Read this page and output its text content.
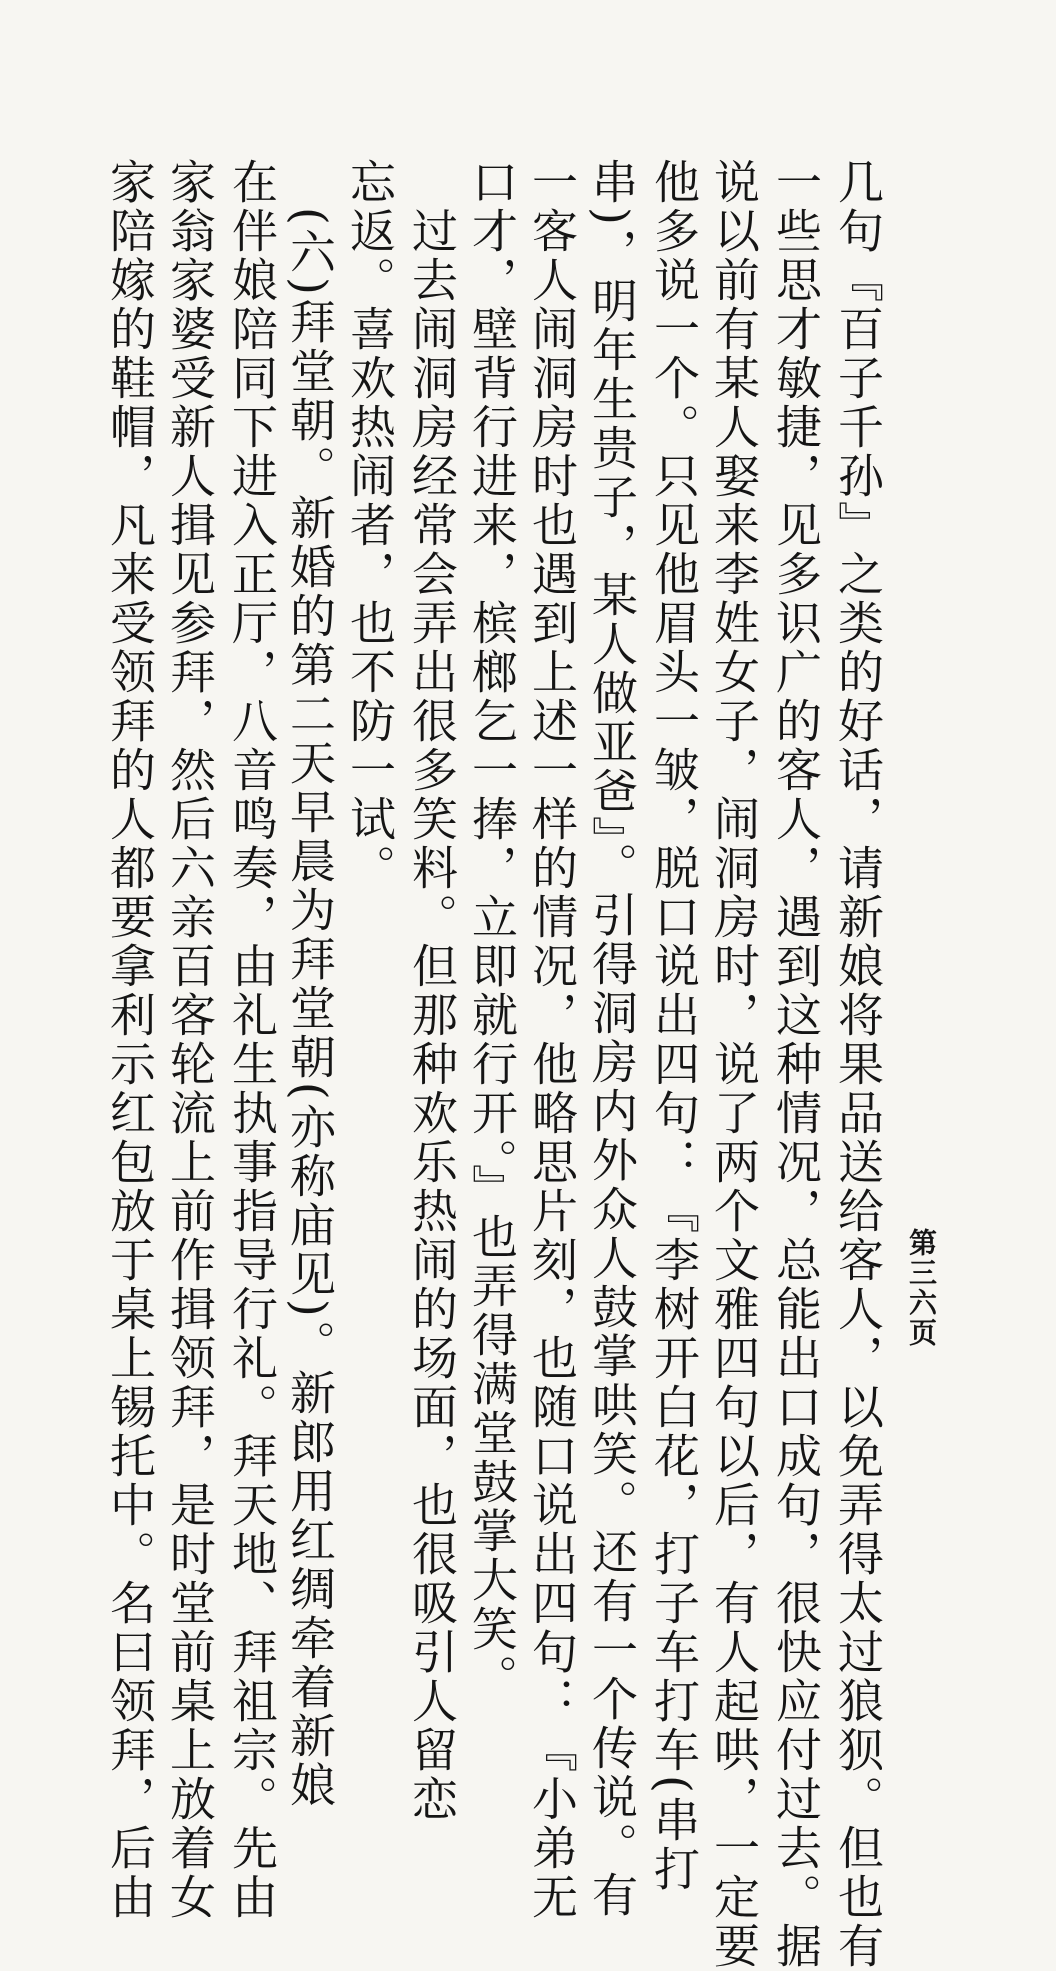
第三六页
几句『百子千孙』之类的好话，请新娘将果品送给客人，以免弄得太过狼狈。但也有
一些思才敏捷，见多识广的客人，遇到这种情况，总能出口成句，很快应付过去。据
说以前有某人娶来李姓女子，闹洞房时，说了两个文雅四句以后，有人起哄，一定要
他多说一个。只见他眉头一皱，脱口说出四句：『李树开白花，打子车打车(串打
串)，明年生贵子，某人做亚爸』。引得洞房内外众人鼓掌哄笑。还有一个传说。有
一客人闹洞房时也遇到上述一样的情况，他略思片刻，也随口说出四句：『小弟无
口才，壁背行进来，槟榔乞一捧，立即就行开。』也弄得满堂鼓掌大笑。
　过去闹洞房经常会弄出很多笑料。但那种欢乐热闹的场面，也很吸引人留恋
忘返。喜欢热闹者，也不防一试。
　(六)拜堂朝。新婚的第二天早晨为拜堂朝(亦称庙见)。新郎用红绸牵着新娘
在伴娘陪同下进入正厅，八音鸣奏，由礼生执事指导行礼。拜天地、拜祖宗。先由
家翁家婆受新人揖见参拜，然后六亲百客轮流上前作揖领拜，是时堂前桌上放着女
家陪嫁的鞋帽，凡来受领拜的人都要拿利示红包放于桌上锡托中。名曰领拜，后由
